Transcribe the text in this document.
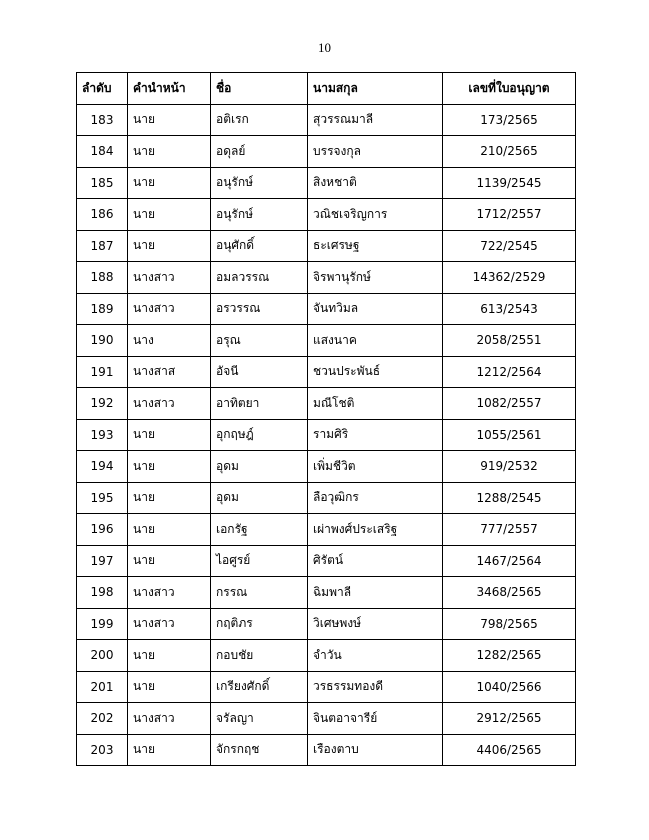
10
ลำดับ	คำนำหน้า	ชื่อ	นามสกุล	เลขที่ใบอนุญาต
183	นาย	อติเรก	สุวรรณมาลี	173/2565
184	นาย	อดุลย์	บรรจงกุล	210/2565
185	นาย	อนุรักษ์	สิงหชาติ	1139/2545
186	นาย	อนุรักษ์	วณิชเจริญการ	1712/2557
187	นาย	อนุศักดิ์	ธะเศรษฐ	722/2545
188	นางสาว	อมลวรรณ	จิรพานุรักษ์	14362/2529
189	นางสาว	อรวรรณ	จันทวิมล	613/2543
190	นาง	อรุณ	แสงนาค	2058/2551
191	นางสาส	อัจนี	ชวนประพันธ์	1212/2564
192	นางสาว	อาทิตยา	มณีโชติ	1082/2557
193	นาย	อุกฤษฎ์	รามศิริ	1055/2561
194	นาย	อุดม	เพิ่มชีวิต	919/2532
195	นาย	อุดม	ลือวุฒิกร	1288/2545
196	นาย	เอกรัฐ	เผ่าพงศ์ประเสริฐ	777/2557
197	นาย	ไอศูรย์	ศิรัตน์	1467/2564
198	นางสาว	กรรณ	ฉิมพาลี	3468/2565
199	นางสาว	กฤติภร	วิเศษพงษ์	798/2565
200	นาย	กอบชัย	จำวัน	1282/2565
201	นาย	เกรียงศักดิ์	วรธรรมทองดี	1040/2566
202	นางสาว	จรัลญา	จินตอาจารีย์	2912/2565
203	นาย	จักรกฤช	เรืองตาบ	4406/2565
